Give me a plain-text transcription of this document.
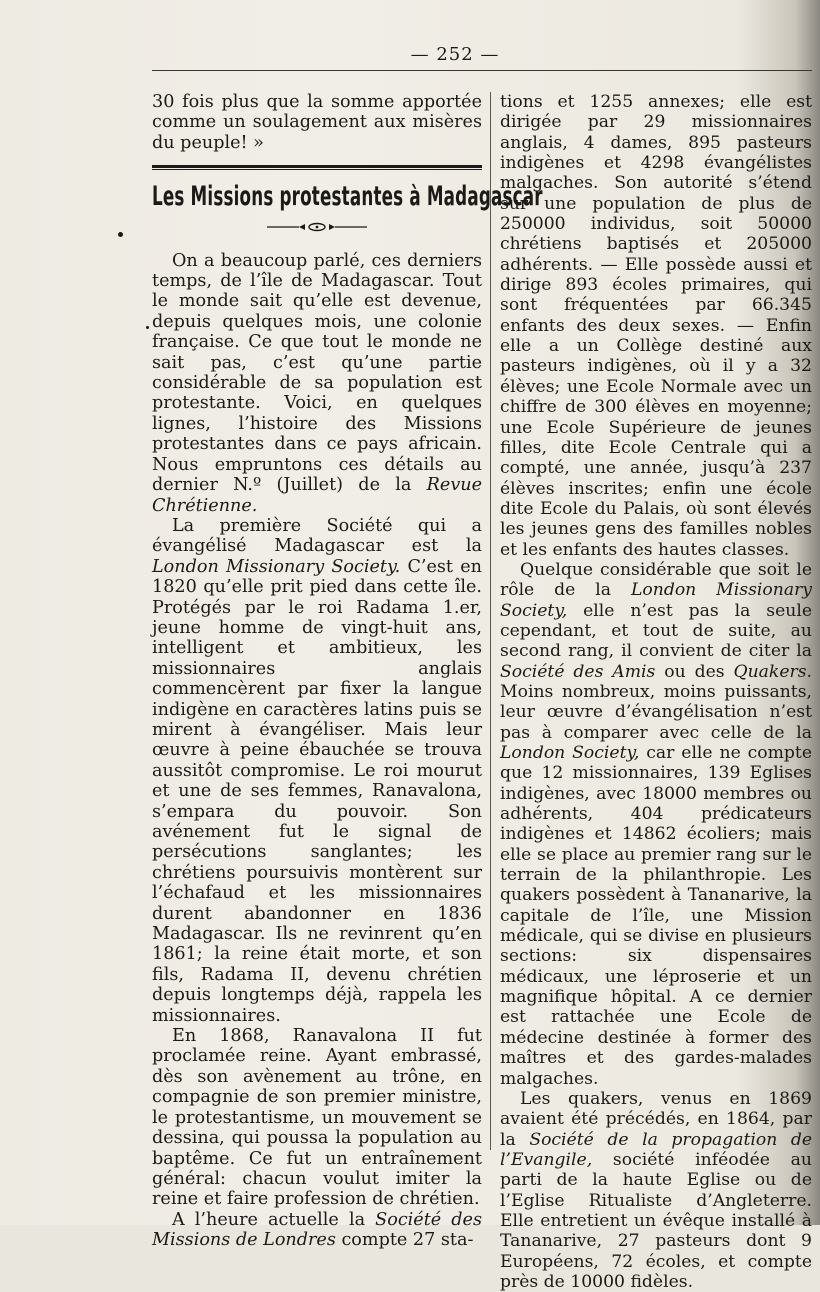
— 252 —

30 fois plus que la somme apportée comme un soulagement aux misères du peuple! »

Les Missions protestantes à Madagascar

On a beaucoup parlé, ces derniers temps, de l’île de Madagascar. Tout le monde sait qu’elle est devenue, depuis quelques mois, une colonie française. Ce que tout le monde ne sait pas, c’est qu’une partie considérable de sa population est protestante. Voici, en quelques lignes, l’histoire des Missions protestantes dans ce pays africain. Nous empruntons ces détails au dernier N.º (Juillet) de la Revue Chrétienne.

La première Société qui a évangélisé Madagascar est la London Missionary Society. C’est en 1820 qu’elle prit pied dans cette île. Protégés par le roi Radama 1.er, jeune homme de vingt-huit ans, intelligent et ambitieux, les missionnaires anglais commencèrent par fixer la langue indigène en caractères latins puis se mirent à évangéliser. Mais leur œuvre à peine ébauchée se trouva aussitôt compromise. Le roi mourut et une de ses femmes, Ranavalona, s’empara du pouvoir. Son avénement fut le signal de persécutions sanglantes; les chrétiens poursuivis montèrent sur l’échafaud et les missionnaires durent abandonner en 1836 Madagascar. Ils ne revinrent qu’en 1861; la reine était morte, et son fils, Radama II, devenu chrétien depuis longtemps déjà, rappela les missionnaires.

En 1868, Ranavalona II fut proclamée reine. Ayant embrassé, dès son avènement au trône, en compagnie de son premier ministre, le protestantisme, un mouvement se dessina, qui poussa la population au baptême. Ce fut un entraînement général: chacun voulut imiter la reine et faire profession de chrétien.

A l’heure actuelle la Société des Missions de Londres compte 27 sta-

tions et 1255 annexes; elle est dirigée par 29 missionnaires anglais, 4 dames, 895 pasteurs indigènes et 4298 évangélistes malgaches. Son autorité s’étend sur une population de plus de 250000 individus, soit 50000 chrétiens baptisés et 205000 adhérents. — Elle possède aussi et dirige 893 écoles primaires, qui sont fréquentées par 66.345 enfants des deux sexes. — Enfin elle a un Collège destiné aux pasteurs indigènes, où il y a 32 élèves; une Ecole Normale avec un chiffre de 300 élèves en moyenne; une Ecole Supérieure de jeunes filles, dite Ecole Centrale qui a compté, une année, jusqu’à 237 élèves inscrites; enfin une école dite Ecole du Palais, où sont élevés les jeunes gens des familles nobles et les enfants des hautes classes.

Quelque considérable que soit le rôle de la London Missionary Society, elle n’est pas la seule cependant, et tout de suite, au second rang, il convient de citer la Société des Amis ou des Quakers. Moins nombreux, moins puissants, leur œuvre d’évangélisation n’est pas à comparer avec celle de la London Society, car elle ne compte que 12 missionnaires, 139 Eglises indigènes, avec 18000 membres ou adhérents, 404 prédicateurs indigènes et 14862 écoliers; mais elle se place au premier rang sur le terrain de la philanthropie. Les quakers possèdent à Tananarive, la capitale de l’île, une Mission médicale, qui se divise en plusieurs sections: six dispensaires médicaux, une léproserie et un magnifique hôpital. A ce dernier est rattachée une Ecole de médecine destinée à former des maîtres et des gardes-malades malgaches.

Les quakers, venus en 1869 avaient été précédés, en 1864, par la Société de la propagation de l’Evangile, société inféodée au parti de la haute Eglise ou de l’Eglise Ritualiste d’Angleterre. Elle entretient un évêque installé à Tananarive, 27 pasteurs dont 9 Européens, 72 écoles, et compte près de 10000 fidèles.
